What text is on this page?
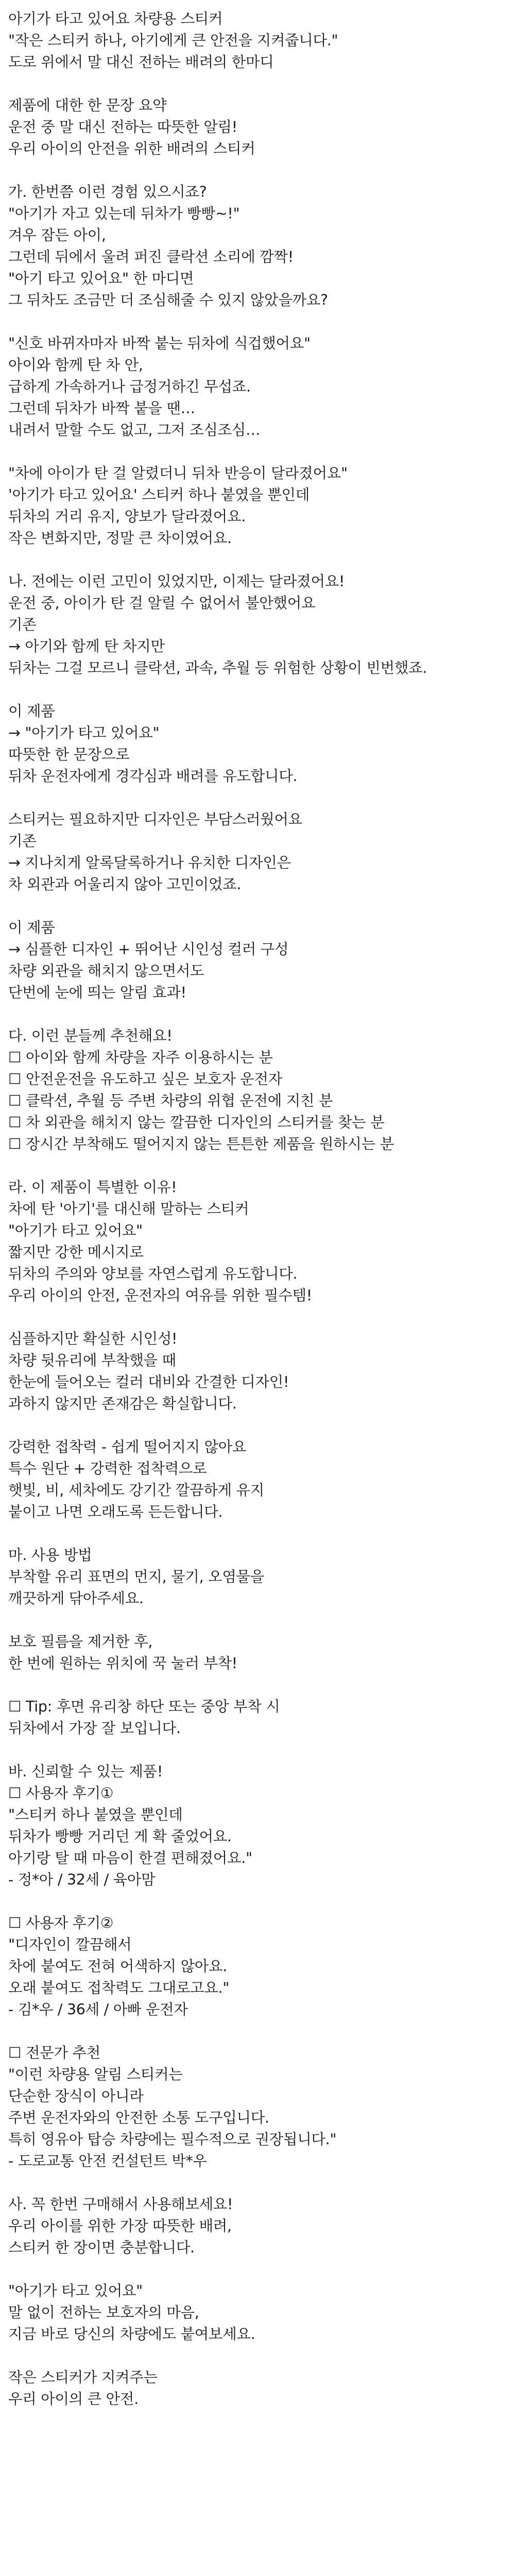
아기가 타고 있어요 차량용 스티커

"작은 스티커 하나, 아기에게 큰 안전을 지켜줍니다."

도로 위에서 말 대신 전하는 배려의 한마디

제품에 대한 한 문장 요약

운전 중 말 대신 전하는 따뜻한 알림!

우리 아이의 안전을 위한 배려의 스티커

가. 한번쯤 이런 경험 있으시죠?

"아기가 자고 있는데 뒤차가 빵빵~!"

겨우 잠든 아이,

그런데 뒤에서 울려 퍼진 클락션 소리에 깜짝!

"아기 타고 있어요" 한 마디면

그 뒤차도 조금만 더 조심해줄 수 있지 않았을까요?

"신호 바뀌자마자 바짝 붙는 뒤차에 식겁했어요"

아이와 함께 탄 차 안,

급하게 가속하거나 급정거하긴 무섭죠.

그런데 뒤차가 바짝 붙을 땐…

내려서 말할 수도 없고, 그저 조심조심…

"차에 아이가 탄 걸 알렸더니 뒤차 반응이 달라졌어요"

'아기가 타고 있어요' 스티커 하나 붙였을 뿐인데

뒤차의 거리 유지, 양보가 달라졌어요.

작은 변화지만, 정말 큰 차이였어요.

나. 전에는 이런 고민이 있었지만, 이제는 달라졌어요!

운전 중, 아이가 탄 걸 알릴 수 없어서 불안했어요

기존

→ 아기와 함께 탄 차지만

뒤차는 그걸 모르니 클락션, 과속, 추월 등 위험한 상황이 빈번했죠.

이 제품

→ "아기가 타고 있어요"

따뜻한 한 문장으로

뒤차 운전자에게 경각심과 배려를 유도합니다.

스티커는 필요하지만 디자인은 부담스러웠어요

기존

→ 지나치게 알록달록하거나 유치한 디자인은

차 외관과 어울리지 않아 고민이었죠.

이 제품

→ 심플한 디자인 + 뛰어난 시인성 컬러 구성

차량 외관을 해치지 않으면서도

단번에 눈에 띄는 알림 효과!

다. 이런 분들께 추천해요!

☐ 아이와 함께 차량을 자주 이용하시는 분

☐ 안전운전을 유도하고 싶은 보호자 운전자

☐ 클락션, 추월 등 주변 차량의 위협 운전에 지친 분

☐ 차 외관을 해치지 않는 깔끔한 디자인의 스티커를 찾는 분

☐ 장시간 부착해도 떨어지지 않는 튼튼한 제품을 원하시는 분

라. 이 제품이 특별한 이유!

차에 탄 '아기'를 대신해 말하는 스티커

"아기가 타고 있어요"

짧지만 강한 메시지로

뒤차의 주의와 양보를 자연스럽게 유도합니다.

우리 아이의 안전, 운전자의 여유를 위한 필수템!

심플하지만 확실한 시인성!

차량 뒷유리에 부착했을 때

한눈에 들어오는 컬러 대비와 간결한 디자인!

과하지 않지만 존재감은 확실합니다.

강력한 접착력 - 쉽게 떨어지지 않아요

특수 원단 + 강력한 접착력으로

햇빛, 비, 세차에도 강기간 깔끔하게 유지

붙이고 나면 오래도록 든든합니다.

마. 사용 방법

부착할 유리 표면의 먼지, 물기, 오염물을

깨끗하게 닦아주세요.

보호 필름을 제거한 후,

한 번에 원하는 위치에 꾹 눌러 부착!

☐ Tip: 후면 유리창 하단 또는 중앙 부착 시

뒤차에서 가장 잘 보입니다.

바. 신뢰할 수 있는 제품!

☐ 사용자 후기①

"스티커 하나 붙였을 뿐인데

뒤차가 빵빵 거리던 게 확 줄었어요.

아기랑 탈 때 마음이 한결 편해졌어요."

- 정*아 / 32세 / 육아맘

☐ 사용자 후기②

"디자인이 깔끔해서

차에 붙여도 전혀 어색하지 않아요.

오래 붙여도 접착력도 그대로고요."

- 김*우 / 36세 / 아빠 운전자

☐ 전문가 추천

"이런 차량용 알림 스티커는

단순한 장식이 아니라

주변 운전자와의 안전한 소통 도구입니다.

특히 영유아 탑승 차량에는 필수적으로 권장됩니다."

- 도로교통 안전 컨설턴트 박*우

사. 꼭 한번 구매해서 사용해보세요!

우리 아이를 위한 가장 따뜻한 배려,

스티커 한 장이면 충분합니다.

"아기가 타고 있어요"

말 없이 전하는 보호자의 마음,

지금 바로 당신의 차량에도 붙여보세요.

작은 스티커가 지켜주는

우리 아이의 큰 안전.
